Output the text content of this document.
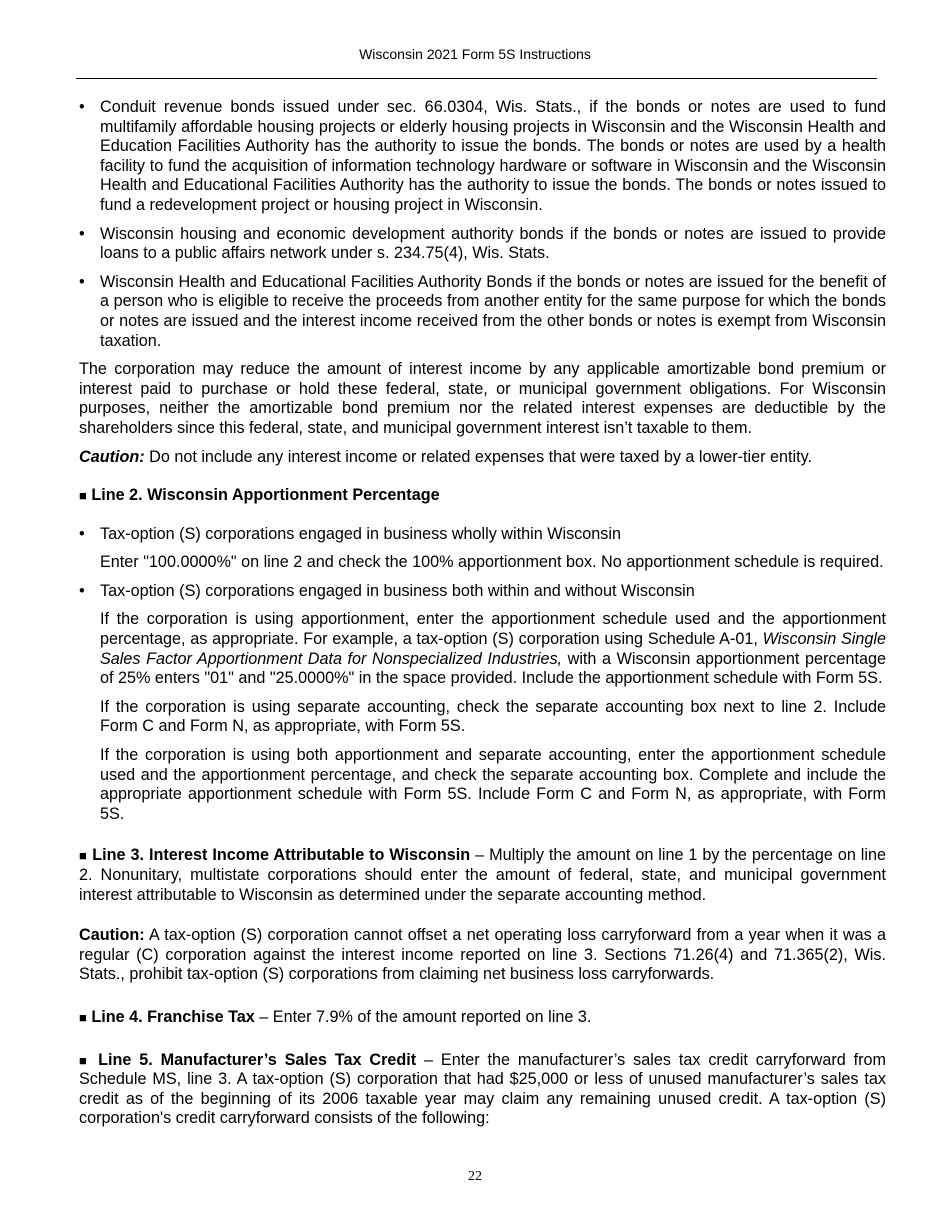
Wisconsin 2021 Form 5S Instructions
• Conduit revenue bonds issued under sec. 66.0304, Wis. Stats., if the bonds or notes are used to fund multifamily affordable housing projects or elderly housing projects in Wisconsin and the Wisconsin Health and Education Facilities Authority has the authority to issue the bonds. The bonds or notes are used by a health facility to fund the acquisition of information technology hardware or software in Wisconsin and the Wisconsin Health and Educational Facilities Authority has the authority to issue the bonds. The bonds or notes issued to fund a redevelopment project or housing project in Wisconsin.
• Wisconsin housing and economic development authority bonds if the bonds or notes are issued to provide loans to a public affairs network under s. 234.75(4), Wis. Stats.
• Wisconsin Health and Educational Facilities Authority Bonds if the bonds or notes are issued for the benefit of a person who is eligible to receive the proceeds from another entity for the same purpose for which the bonds or notes are issued and the interest income received from the other bonds or notes is exempt from Wisconsin taxation.

The corporation may reduce the amount of interest income by any applicable amortizable bond premium or interest paid to purchase or hold these federal, state, or municipal government obligations. For Wisconsin purposes, neither the amortizable bond premium nor the related interest expenses are deductible by the shareholders since this federal, state, and municipal government interest isn’t taxable to them.

Caution: Do not include any interest income or related expenses that were taxed by a lower-tier entity.

■ Line 2. Wisconsin Apportionment Percentage

• Tax-option (S) corporations engaged in business wholly within Wisconsin

Enter "100.0000%" on line 2 and check the 100% apportionment box. No apportionment schedule is required.

• Tax-option (S) corporations engaged in business both within and without Wisconsin

If the corporation is using apportionment, enter the apportionment schedule used and the apportionment percentage, as appropriate. For example, a tax-option (S) corporation using Schedule A-01, Wisconsin Single Sales Factor Apportionment Data for Nonspecialized Industries, with a Wisconsin apportionment percentage of 25% enters "01" and "25.0000%" in the space provided. Include the apportionment schedule with Form 5S.

If the corporation is using separate accounting, check the separate accounting box next to line 2. Include Form C and Form N, as appropriate, with Form 5S.

If the corporation is using both apportionment and separate accounting, enter the apportionment schedule used and the apportionment percentage, and check the separate accounting box. Complete and include the appropriate apportionment schedule with Form 5S. Include Form C and Form N, as appropriate, with Form 5S.

■ Line 3. Interest Income Attributable to Wisconsin – Multiply the amount on line 1 by the percentage on line 2. Nonunitary, multistate corporations should enter the amount of federal, state, and municipal government interest attributable to Wisconsin as determined under the separate accounting method.

Caution: A tax-option (S) corporation cannot offset a net operating loss carryforward from a year when it was a regular (C) corporation against the interest income reported on line 3. Sections 71.26(4) and 71.365(2), Wis. Stats., prohibit tax-option (S) corporations from claiming net business loss carryforwards.

■ Line 4. Franchise Tax – Enter 7.9% of the amount reported on line 3.

■ Line 5. Manufacturer’s Sales Tax Credit – Enter the manufacturer’s sales tax credit carryforward from Schedule MS, line 3. A tax-option (S) corporation that had $25,000 or less of unused manufacturer’s sales tax credit as of the beginning of its 2006 taxable year may claim any remaining unused credit. A tax-option (S) corporation's credit carryforward consists of the following:

22
